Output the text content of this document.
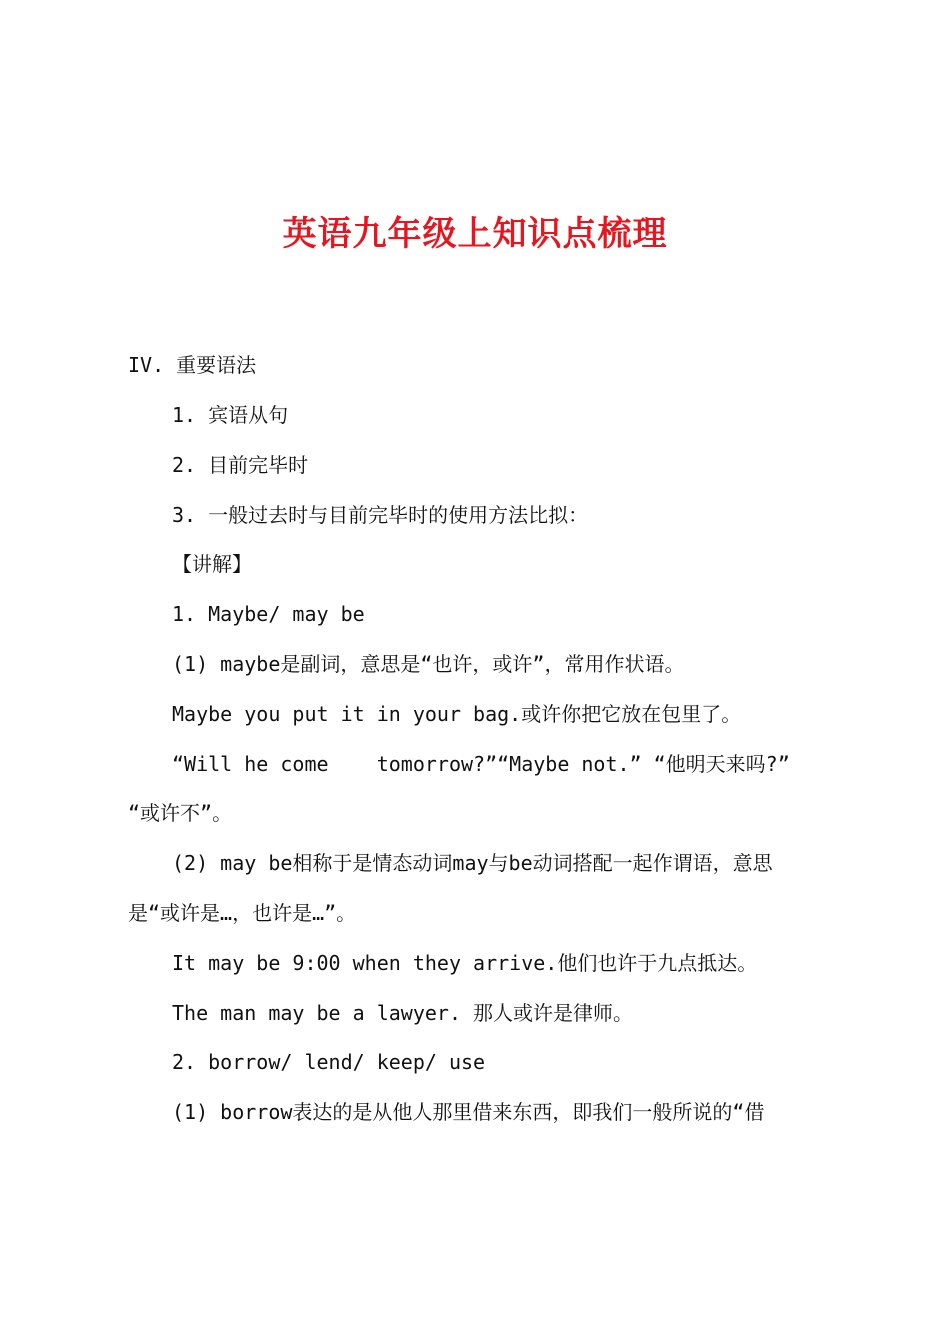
英语九年级上知识点梳理
IV. 重要语法
1. 宾语从句
2. 目前完毕时
3. 一般过去时与目前完毕时的使用方法比拟：
【讲解】
1. Maybe/ may be
(1) maybe是副词，意思是“也许，或许”，常用作状语。
Maybe you put it in your bag.或许你把它放在包里了。
“Will he come    tomorrow?”“Maybe not.” “他明天来吗?”
“或许不”。
(2) may be相称于是情态动词may与be动词搭配一起作谓语，意思
是“或许是…，也许是…”。
It may be 9:00 when they arrive.他们也许于九点抵达。
The man may be a lawyer. 那人或许是律师。
2. borrow/ lend/ keep/ use
(1) borrow表达的是从他人那里借来东西，即我们一般所说的“借
